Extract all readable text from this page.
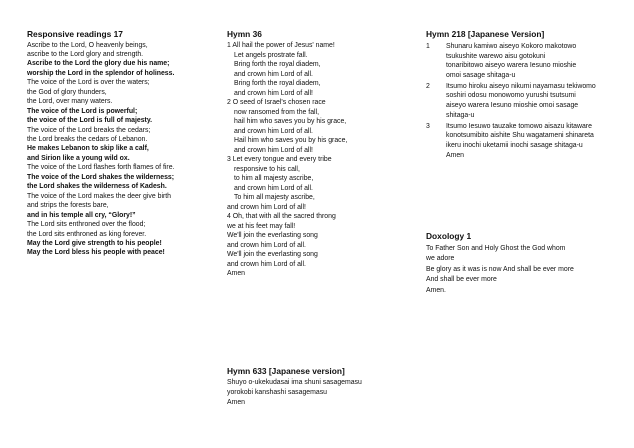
Responsive readings 17
Ascribe to the Lord, O heavenly beings,
ascribe to the Lord glory and strength.
Ascribe to the Lord the glory due his name;
worship the Lord in the splendor of holiness.
The voice of the Lord is over the waters;
the God of glory thunders,
the Lord, over many waters.
The voice of the Lord is powerful;
the voice of the Lord is full of majesty.
The voice of the Lord breaks the cedars;
the Lord breaks the cedars of Lebanon.
He makes Lebanon to skip like a calf,
and Sirion like a young wild ox.
The voice of the Lord flashes forth flames of fire.
The voice of the Lord shakes the wilderness;
the Lord shakes the wilderness of Kadesh.
The voice of the Lord makes the deer give birth
and strips the forests bare,
and in his temple all cry, “Glory!”
The Lord sits enthroned over the flood;
the Lord sits enthroned as king forever.
May the Lord give strength to his people!
May the Lord bless his people with peace!
Hymn 36
1 All hail the power of Jesus' name!
Let angels prostrate fall.
Bring forth the royal diadem,
and crown him Lord of all.
Bring forth the royal diadem,
and crown him Lord of all!
2 O seed of Israel's chosen race
now ransomed from the fall,
hail him who saves you by his grace,
and crown him Lord of all.
Hail him who saves you by his grace,
and crown him Lord of all!
3 Let every tongue and every tribe
responsive to his call,
to him all majesty ascribe,
and crown him Lord of all.
To him all majesty ascribe,
and crown him Lord of all!
4 Oh, that with all the sacred throng
we at his feet may fall!
We'll join the everlasting song
and crown him Lord of all.
We'll join the everlasting song
and crown him Lord of all.
Amen
Hymn 633 [Japanese version]
Shuyo o-ukekudasai ima shuni sasagemasu
yorokobi kanshashi sasagemasu
Amen
Hymn 218 [Japanese Version]
1 Shunaru kamiwo aiseyo Kokoro makotowo
tsukushite warewo aisu gotokuni
tonaribitowo aiseyo warera Iesuno mioshie
omoi sasage shitaga-u
2 Itsumo hiroku aiseyo nikumi nayamasu tekiwomo
soshiri odosu monowomo yurushi tsutsumi
aiseyo warera Iesuno mioshie omoi sasage
shitaga-u
3 Itsumo Iesuwo tauzake tomowo aisazu kitaware
konotsumibito aishite Shu wagatameni shinareta
ikeru inochi uketamii inochi sasage shitaga-u
Amen
Doxology 1
To Father Son and Holy Ghost the God whom
we adore
Be glory as it was is now And shall be ever more
And shall be ever more
Amen.
